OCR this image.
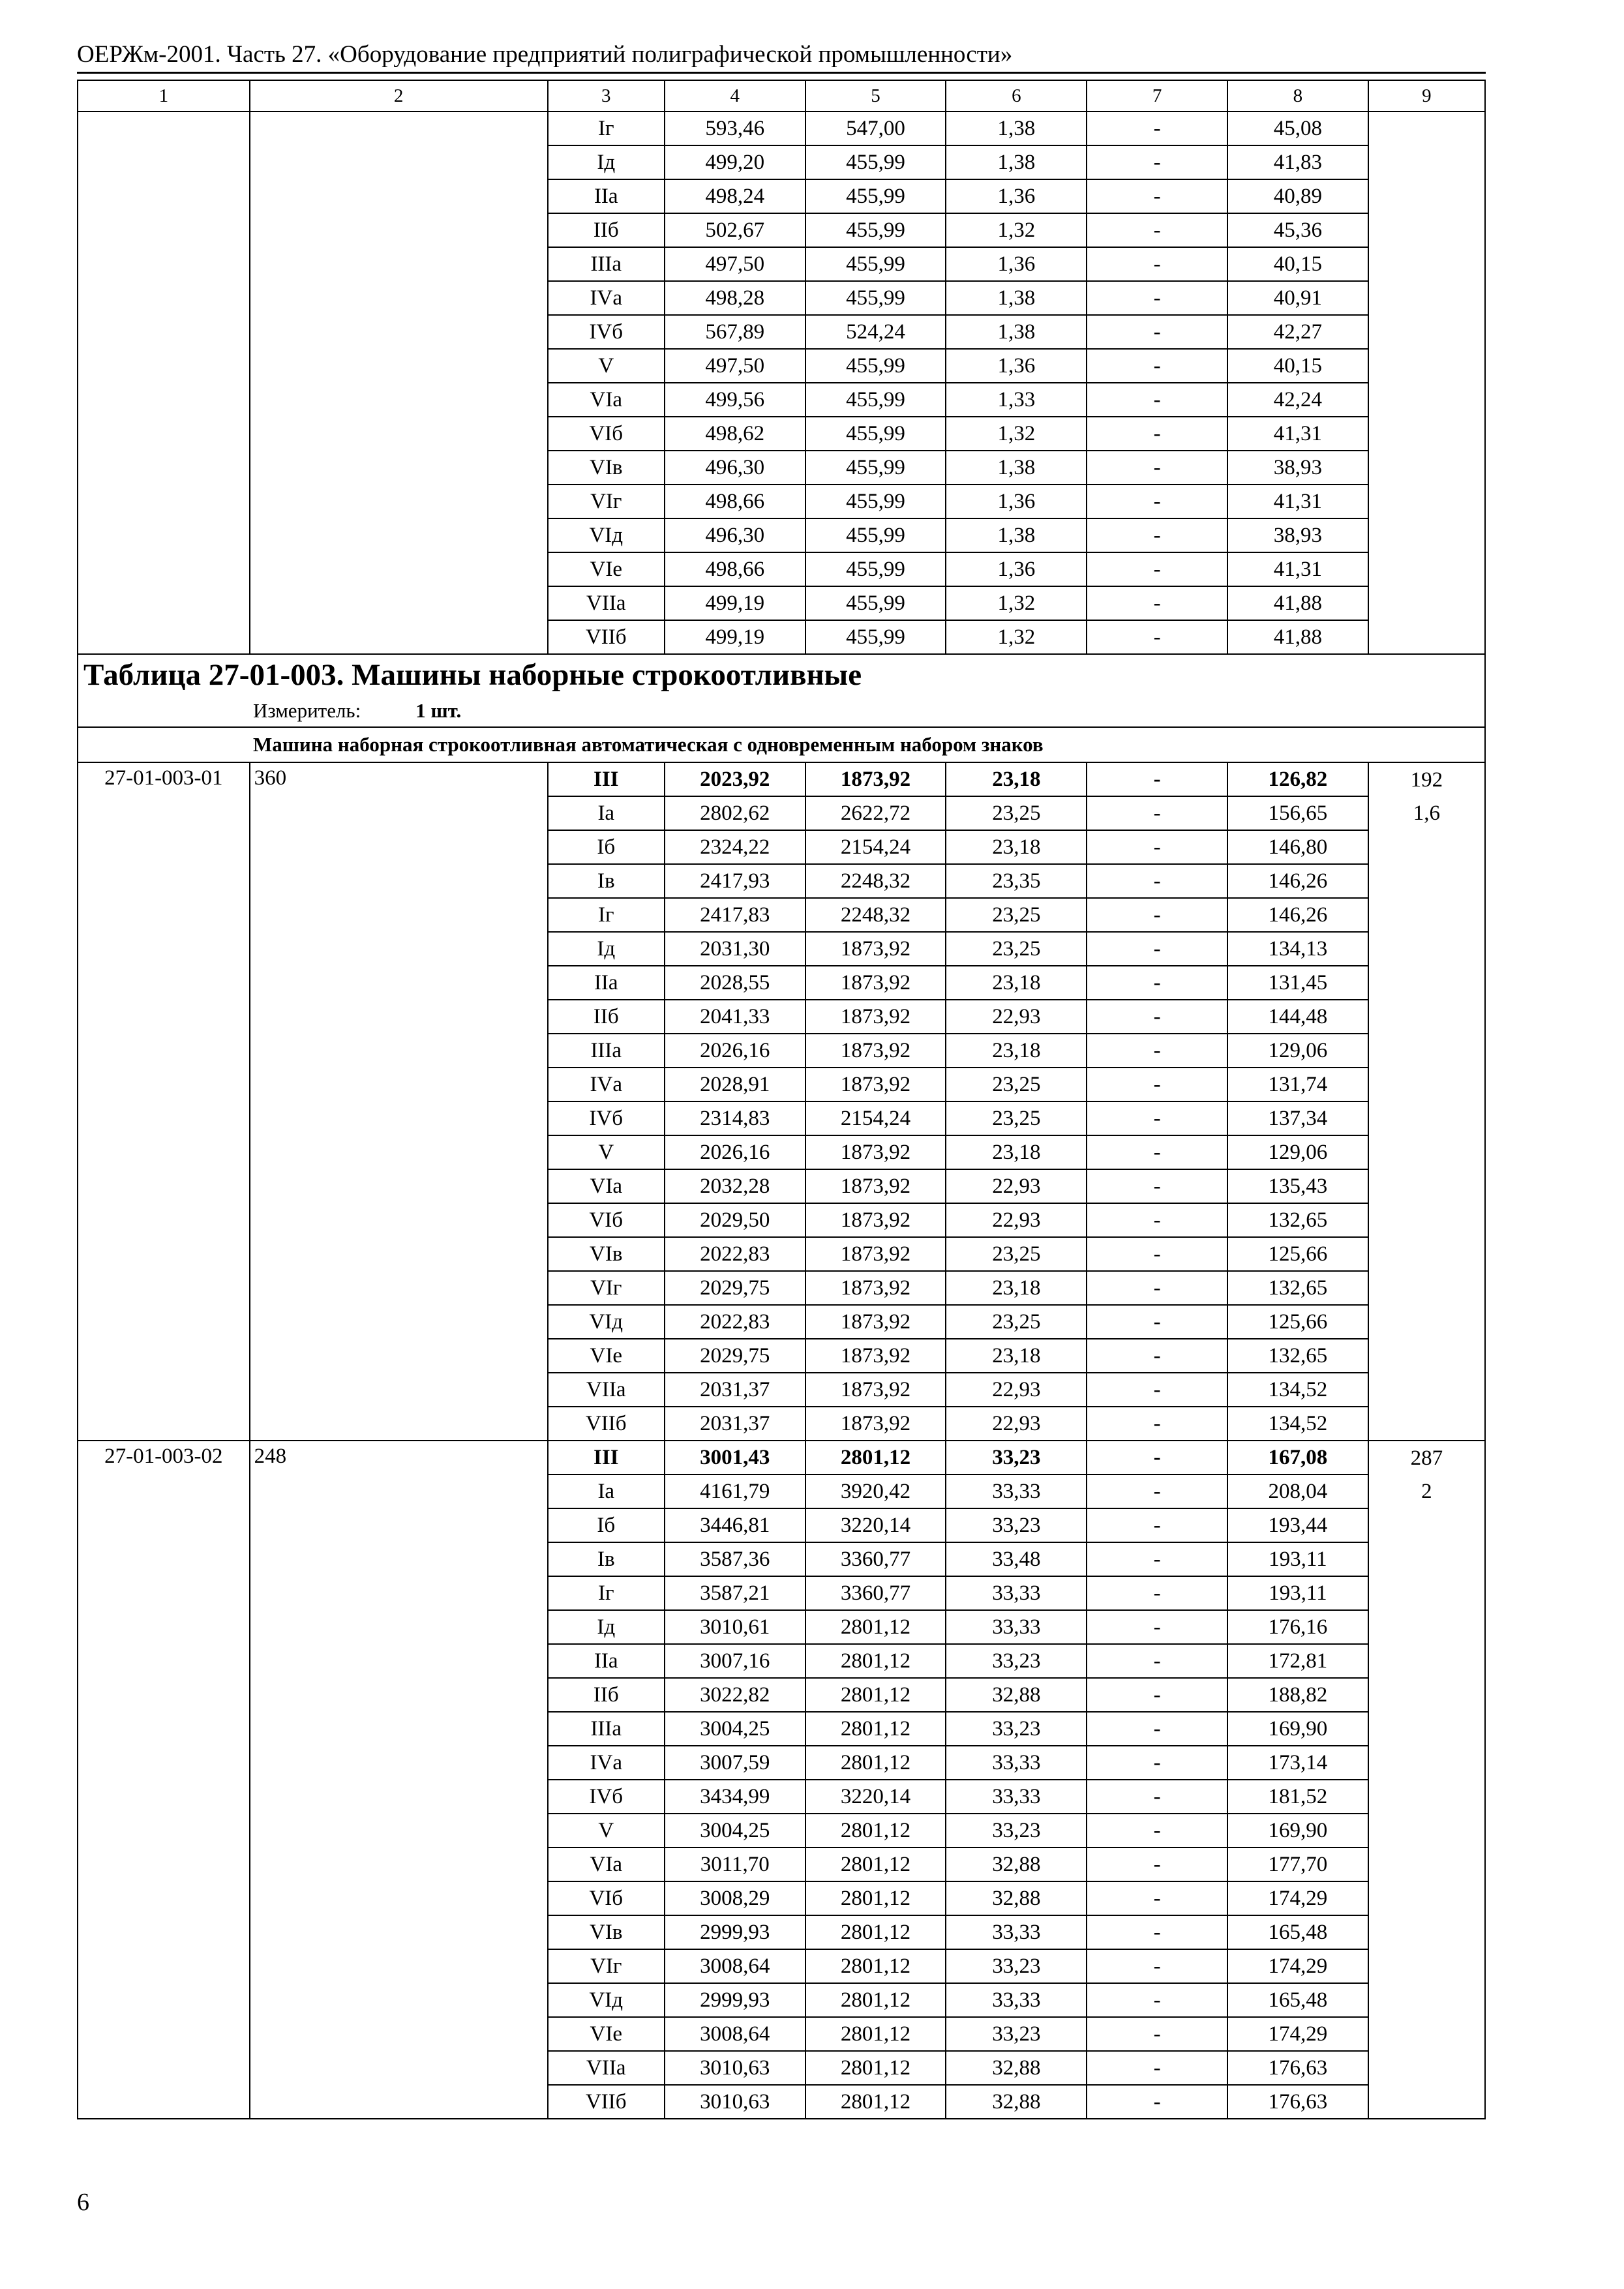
ОЕРЖм-2001. Часть 27. «Оборудование предприятий полиграфической промышленности»
1	2	3	4	5	6	7	8	9
		Iг	593,46	547,00	1,38	-	45,08	
		Iд	499,20	455,99	1,38	-	41,83	
		IIа	498,24	455,99	1,36	-	40,89	
		IIб	502,67	455,99	1,32	-	45,36	
		IIIа	497,50	455,99	1,36	-	40,15	
		IVа	498,28	455,99	1,38	-	40,91	
		IVб	567,89	524,24	1,38	-	42,27	
		V	497,50	455,99	1,36	-	40,15	
		VIа	499,56	455,99	1,33	-	42,24	
		VIб	498,62	455,99	1,32	-	41,31	
		VIв	496,30	455,99	1,38	-	38,93	
		VIг	498,66	455,99	1,36	-	41,31	
		VIд	496,30	455,99	1,38	-	38,93	
		VIе	498,66	455,99	1,36	-	41,31	
		VIIа	499,19	455,99	1,32	-	41,88	
		VIIб	499,19	455,99	1,32	-	41,88	
Таблица 27-01-003. Машины наборные строкоотливные								
Измеритель: 1 шт.								
Машина наборная строкоотливная автоматическая с одновременным набором знаков								
27-01-003-01	360	III	2023,92	1873,92	23,18	-	126,82	192
		Iа	2802,62	2622,72	23,25	-	156,65	1,6
		Iб	2324,22	2154,24	23,18	-	146,80	
		Iв	2417,93	2248,32	23,35	-	146,26	
		Iг	2417,83	2248,32	23,25	-	146,26	
		Iд	2031,30	1873,92	23,25	-	134,13	
		IIа	2028,55	1873,92	23,18	-	131,45	
		IIб	2041,33	1873,92	22,93	-	144,48	
		IIIа	2026,16	1873,92	23,18	-	129,06	
		IVа	2028,91	1873,92	23,25	-	131,74	
		IVб	2314,83	2154,24	23,25	-	137,34	
		V	2026,16	1873,92	23,18	-	129,06	
		VIа	2032,28	1873,92	22,93	-	135,43	
		VIб	2029,50	1873,92	22,93	-	132,65	
		VIв	2022,83	1873,92	23,25	-	125,66	
		VIг	2029,75	1873,92	23,18	-	132,65	
		VIд	2022,83	1873,92	23,25	-	125,66	
		VIе	2029,75	1873,92	23,18	-	132,65	
		VIIа	2031,37	1873,92	22,93	-	134,52	
		VIIб	2031,37	1873,92	22,93	-	134,52	
27-01-003-02	248	III	3001,43	2801,12	33,23	-	167,08	287
		Iа	4161,79	3920,42	33,33	-	208,04	2
		Iб	3446,81	3220,14	33,23	-	193,44	
		Iв	3587,36	3360,77	33,48	-	193,11	
		Iг	3587,21	3360,77	33,33	-	193,11	
		Iд	3010,61	2801,12	33,33	-	176,16	
		IIа	3007,16	2801,12	33,23	-	172,81	
		IIб	3022,82	2801,12	32,88	-	188,82	
		IIIа	3004,25	2801,12	33,23	-	169,90	
		IVа	3007,59	2801,12	33,33	-	173,14	
		IVб	3434,99	3220,14	33,33	-	181,52	
		V	3004,25	2801,12	33,23	-	169,90	
		VIа	3011,70	2801,12	32,88	-	177,70	
		VIб	3008,29	2801,12	32,88	-	174,29	
		VIв	2999,93	2801,12	33,33	-	165,48	
		VIг	3008,64	2801,12	33,23	-	174,29	
		VIд	2999,93	2801,12	33,33	-	165,48	
		VIе	3008,64	2801,12	33,23	-	174,29	
		VIIа	3010,63	2801,12	32,88	-	176,63	
		VIIб	3010,63	2801,12	32,88	-	176,63	
6
